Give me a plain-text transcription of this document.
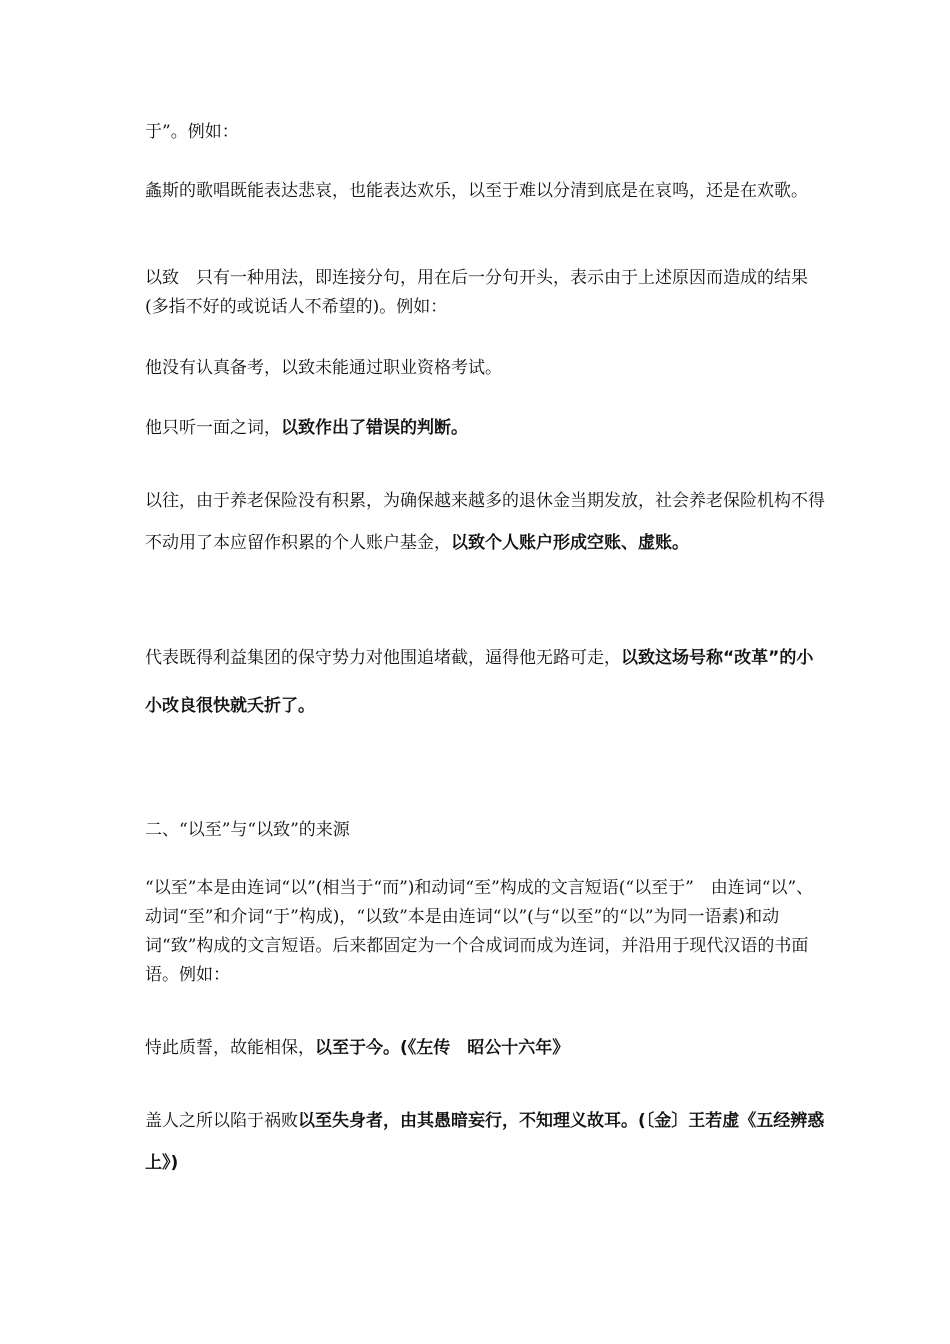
于”。例如：

螽斯的歌唱既能表达悲哀，也能表达欢乐，以至于难以分清到底是在哀鸣，还是在欢歌。

以致　只有一种用法，即连接分句，用在后一分句开头，表示由于上述原因而造成的结果(多指不好的或说话人不希望的)。例如：

他没有认真备考，以致未能通过职业资格考试。

他只听一面之词，以致作出了错误的判断。

以往，由于养老保险没有积累，为确保越来越多的退休金当期发放，社会养老保险机构不得不动用了本应留作积累的个人账户基金，以致个人账户形成空账、虚账。

代表既得利益集团的保守势力对他围追堵截，逼得他无路可走，以致这场号称“改革”的小小改良很快就夭折了。

二、“以至”与“以致”的来源

“以至”本是由连词“以”(相当于“而”)和动词“至”构成的文言短语(“以至于”　由连词“以”、动词“至”和介词“于”构成)，“以致”本是由连词“以”(与“以至”的“以”为同一语素)和动词“致”构成的文言短语。后来都固定为一个合成词而成为连词，并沿用于现代汉语的书面语。例如：

恃此质誓，故能相保，以至于今。(《左传　昭公十六年》

盖人之所以陷于祸败以至失身者，由其愚暗妄行，不知理义故耳。(〔金〕王若虚《五经辨惑上》)
